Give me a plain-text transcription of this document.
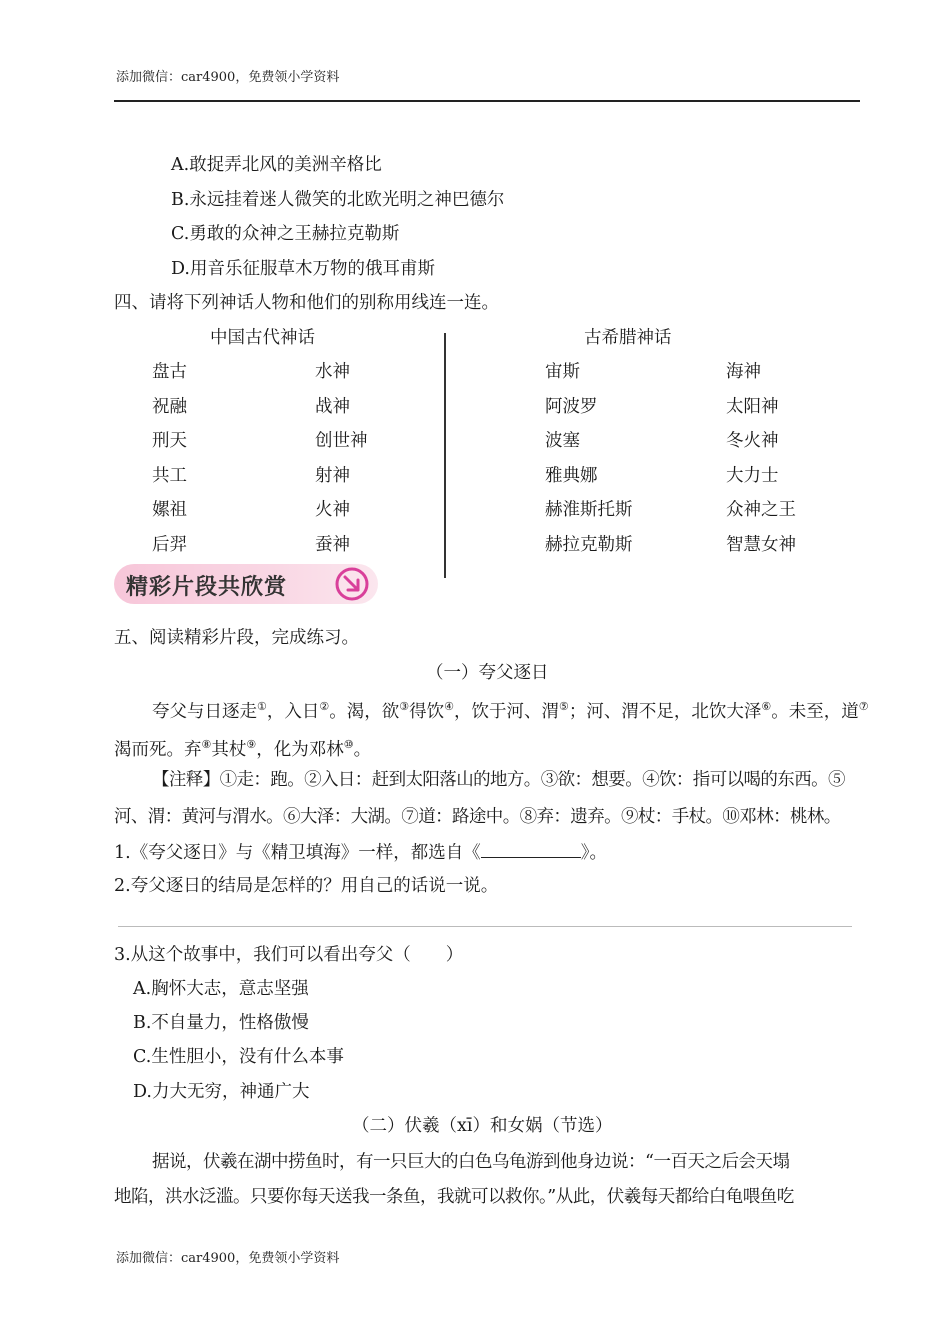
添加微信：car4900，免费领小学资料
A.敢捉弄北风的美洲辛格比
B.永远挂着迷人微笑的北欧光明之神巴德尔
C.勇敢的众神之王赫拉克勒斯
D.用音乐征服草木万物的俄耳甫斯
四、请将下列神话人物和他们的别称用线连一连。
中国古代神话	古希腊神话
盘古
祝融
刑天
共工
嫘祖
后羿
水神
战神
创世神
射神
火神
蚕神
宙斯
阿波罗
波塞
雅典娜
赫淮斯托斯
赫拉克勒斯
海神
太阳神
冬火神
大力士
众神之王
智慧女神
精彩片段共欣赏
五、阅读精彩片段，完成练习。
（一）夸父逐日
夸父与日逐走①，入日②。渴，欲③得饮④，饮于河、渭⑤；河、渭不足，北饮大泽⑥。未至，道⑦
渴而死。弃⑧其杖⑨，化为邓林⑩。
【注释】①走：跑。②入日：赶到太阳落山的地方。③欲：想要。④饮：指可以喝的东西。⑤
河、渭：黄河与渭水。⑥大泽：大湖。⑦道：路途中。⑧弃：遗弃。⑨杖：手杖。⑩邓林：桃林。
1.《夸父逐日》与《精卫填海》一样，都选自《	》。
2.夸父逐日的结局是怎样的？用自己的话说一说。
3.从这个故事中，我们可以看出夸父（　　）
A.胸怀大志，意志坚强
B.不自量力，性格傲慢
C.生性胆小，没有什么本事
D.力大无穷，神通广大
（二）伏羲（xī）和女娲（节选）
据说，伏羲在湖中捞鱼时，有一只巨大的白色乌龟游到他身边说：“一百天之后会天塌
地陷，洪水泛滥。只要你每天送我一条鱼，我就可以救你。”从此，伏羲每天都给白龟喂鱼吃
添加微信：car4900，免费领小学资料
